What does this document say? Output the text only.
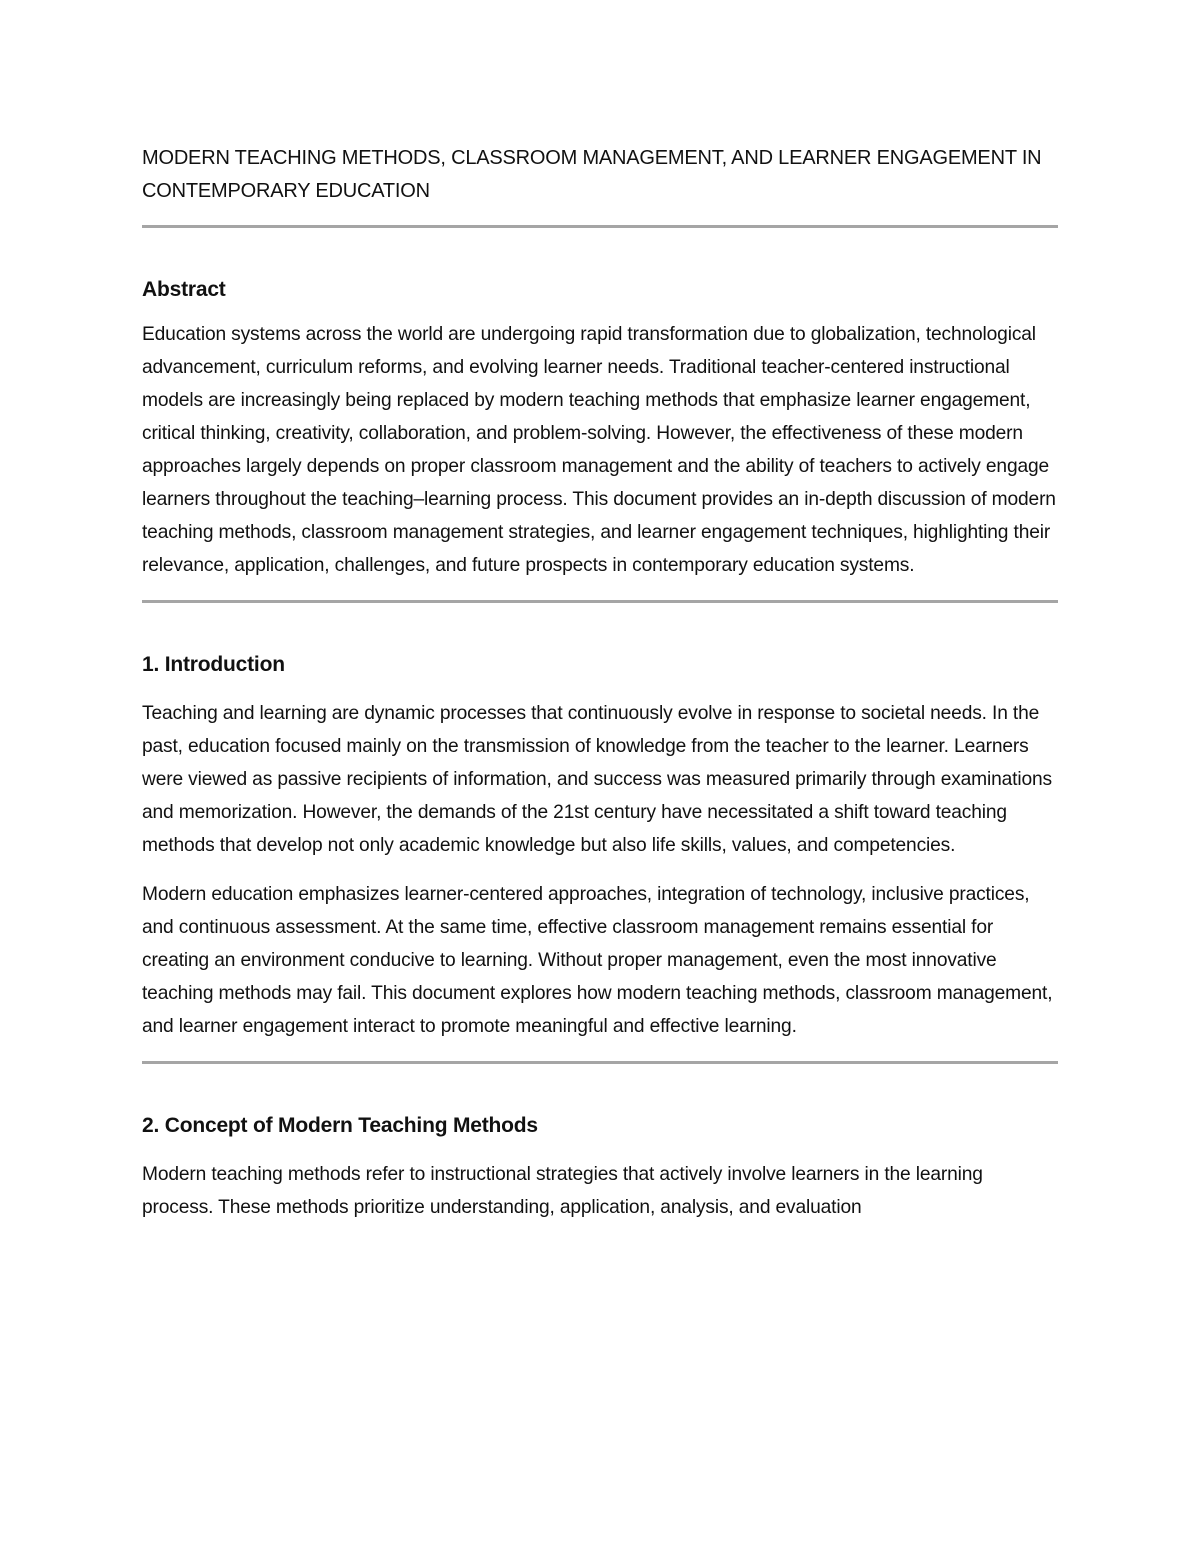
MODERN TEACHING METHODS, CLASSROOM MANAGEMENT, AND LEARNER ENGAGEMENT IN CONTEMPORARY EDUCATION
Abstract

Education systems across the world are undergoing rapid transformation due to globalization, technological advancement, curriculum reforms, and evolving learner needs. Traditional teacher-centered instructional models are increasingly being replaced by modern teaching methods that emphasize learner engagement, critical thinking, creativity, collaboration, and problem-solving. However, the effectiveness of these modern approaches largely depends on proper classroom management and the ability of teachers to actively engage learners throughout the teaching–learning process. This document provides an in-depth discussion of modern teaching methods, classroom management strategies, and learner engagement techniques, highlighting their relevance, application, challenges, and future prospects in contemporary education systems.

1. Introduction

Teaching and learning are dynamic processes that continuously evolve in response to societal needs. In the past, education focused mainly on the transmission of knowledge from the teacher to the learner. Learners were viewed as passive recipients of information, and success was measured primarily through examinations and memorization. However, the demands of the 21st century have necessitated a shift toward teaching methods that develop not only academic knowledge but also life skills, values, and competencies.

Modern education emphasizes learner-centered approaches, integration of technology, inclusive practices, and continuous assessment. At the same time, effective classroom management remains essential for creating an environment conducive to learning. Without proper management, even the most innovative teaching methods may fail. This document explores how modern teaching methods, classroom management, and learner engagement interact to promote meaningful and effective learning.

2. Concept of Modern Teaching Methods

Modern teaching methods refer to instructional strategies that actively involve learners in the learning process. These methods prioritize understanding, application, analysis, and evaluation
